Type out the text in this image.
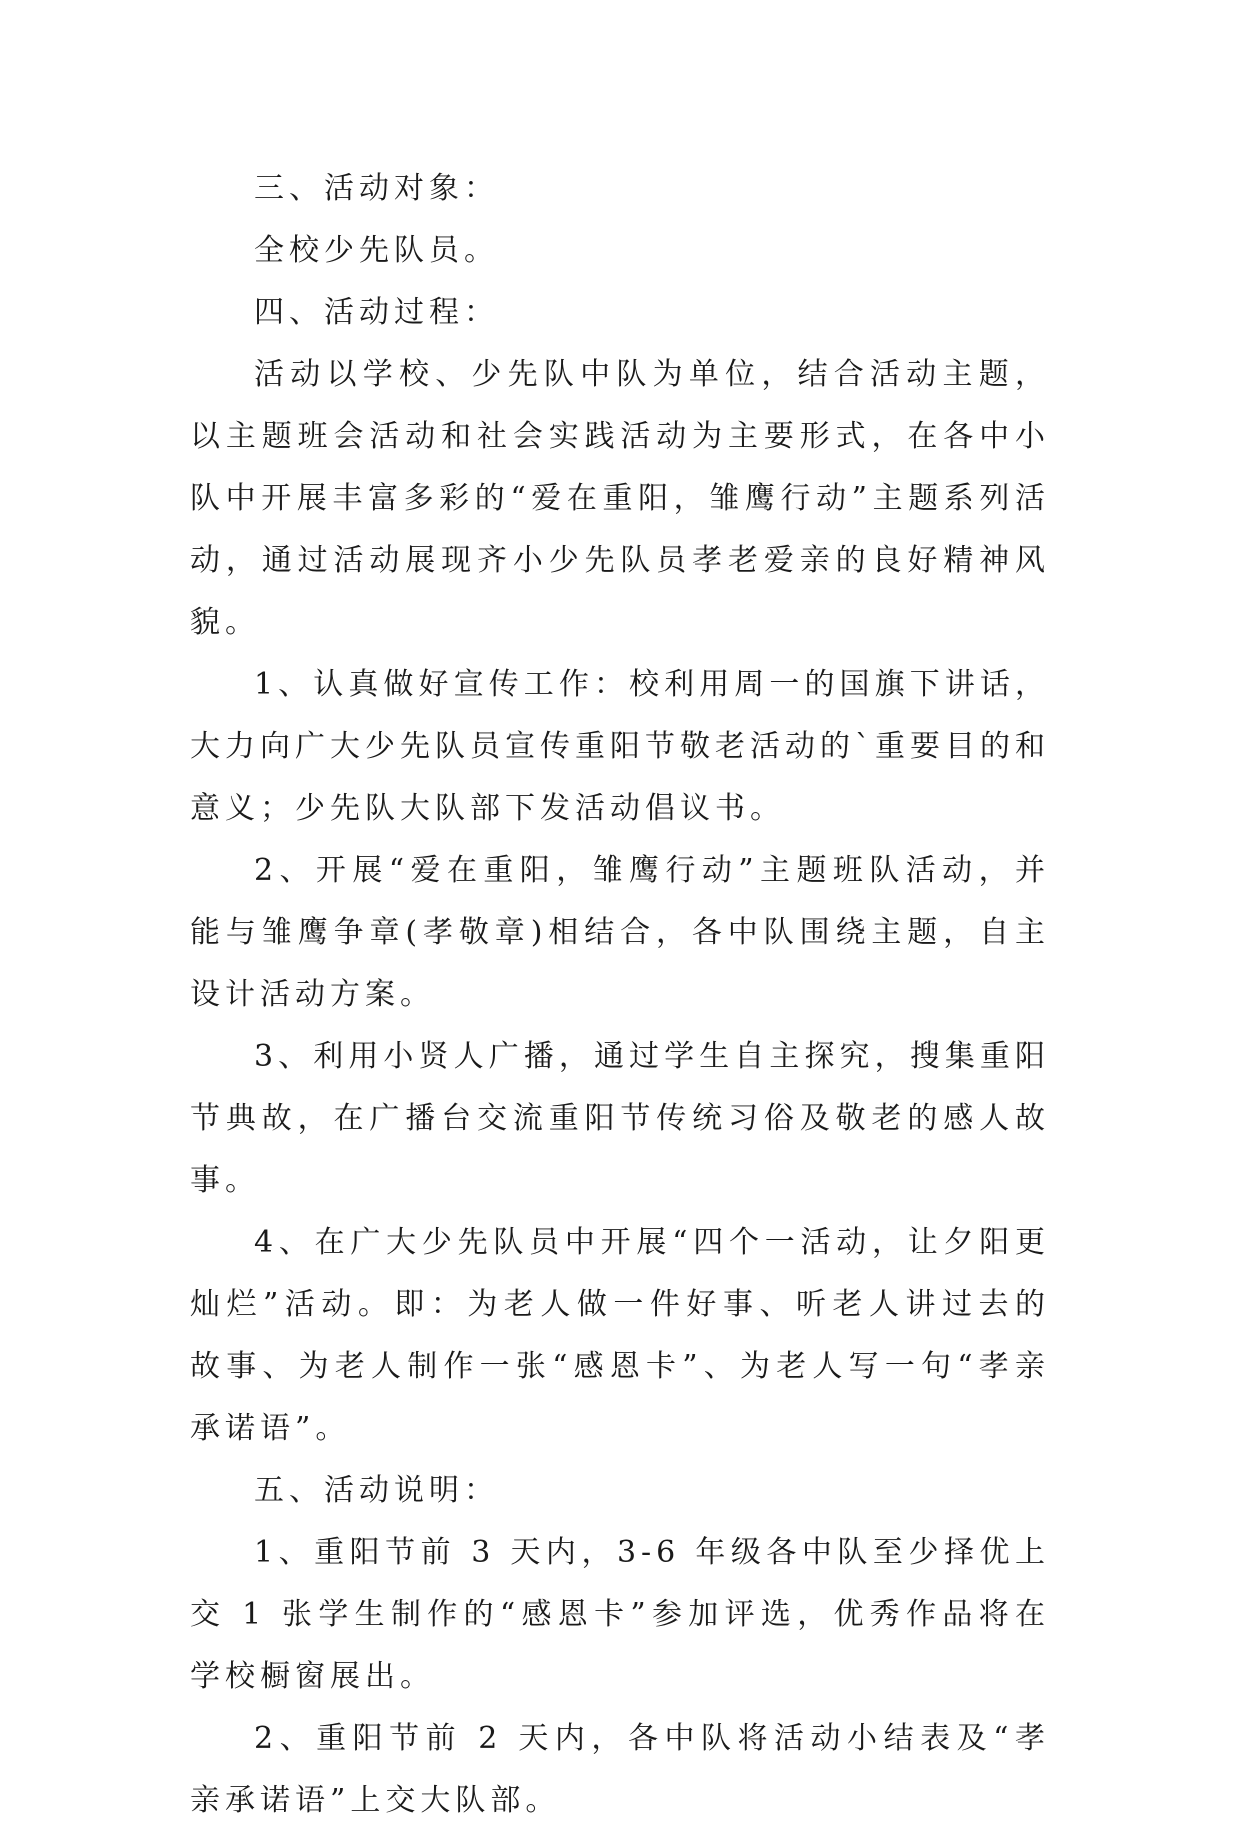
三、活动对象：

全校少先队员。

四、活动过程：

活动以学校、少先队中队为单位，结合活动主题，以主题班会活动和社会实践活动为主要形式，在各中小队中开展丰富多彩的“爱在重阳，雏鹰行动”主题系列活动，通过活动展现齐小少先队员孝老爱亲的良好精神风貌。

1、认真做好宣传工作：校利用周一的国旗下讲话，大力向广大少先队员宣传重阳节敬老活动的`重要目的和意义；少先队大队部下发活动倡议书。

2、开展“爱在重阳，雏鹰行动”主题班队活动，并能与雏鹰争章(孝敬章)相结合，各中队围绕主题，自主设计活动方案。

3、利用小贤人广播，通过学生自主探究，搜集重阳节典故，在广播台交流重阳节传统习俗及敬老的感人故事。

4、在广大少先队员中开展“四个一活动，让夕阳更灿烂”活动。即：为老人做一件好事、听老人讲过去的故事、为老人制作一张“感恩卡”、为老人写一句“孝亲承诺语”。

五、活动说明：

1、重阳节前 3 天内，3-6 年级各中队至少择优上交 1 张学生制作的“感恩卡”参加评选，优秀作品将在学校橱窗展出。

2、重阳节前 2 天内，各中队将活动小结表及“孝亲承诺语”上交大队部。
